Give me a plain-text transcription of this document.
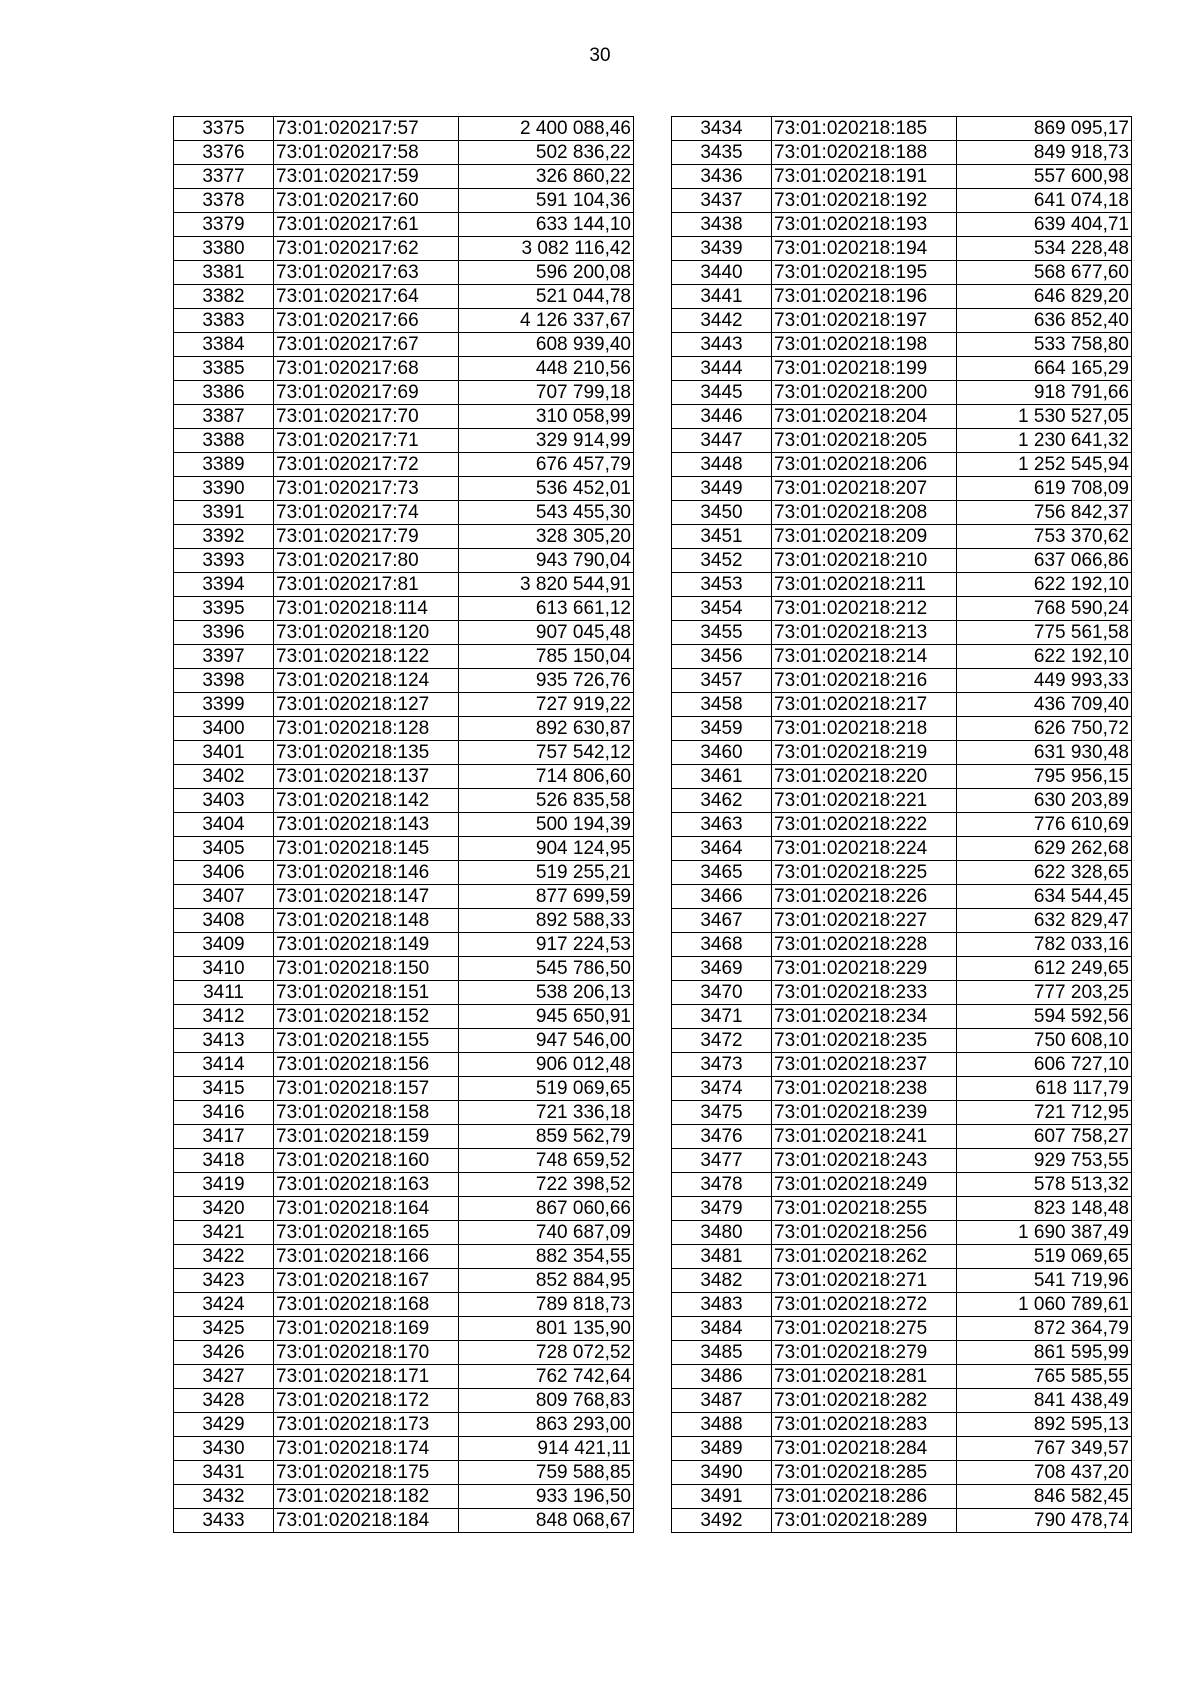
30
3375	73:01:020217:57	2 400 088,46
3376	73:01:020217:58	502 836,22
3377	73:01:020217:59	326 860,22
3378	73:01:020217:60	591 104,36
3379	73:01:020217:61	633 144,10
3380	73:01:020217:62	3 082 116,42
3381	73:01:020217:63	596 200,08
3382	73:01:020217:64	521 044,78
3383	73:01:020217:66	4 126 337,67
3384	73:01:020217:67	608 939,40
3385	73:01:020217:68	448 210,56
3386	73:01:020217:69	707 799,18
3387	73:01:020217:70	310 058,99
3388	73:01:020217:71	329 914,99
3389	73:01:020217:72	676 457,79
3390	73:01:020217:73	536 452,01
3391	73:01:020217:74	543 455,30
3392	73:01:020217:79	328 305,20
3393	73:01:020217:80	943 790,04
3394	73:01:020217:81	3 820 544,91
3395	73:01:020218:114	613 661,12
3396	73:01:020218:120	907 045,48
3397	73:01:020218:122	785 150,04
3398	73:01:020218:124	935 726,76
3399	73:01:020218:127	727 919,22
3400	73:01:020218:128	892 630,87
3401	73:01:020218:135	757 542,12
3402	73:01:020218:137	714 806,60
3403	73:01:020218:142	526 835,58
3404	73:01:020218:143	500 194,39
3405	73:01:020218:145	904 124,95
3406	73:01:020218:146	519 255,21
3407	73:01:020218:147	877 699,59
3408	73:01:020218:148	892 588,33
3409	73:01:020218:149	917 224,53
3410	73:01:020218:150	545 786,50
3411	73:01:020218:151	538 206,13
3412	73:01:020218:152	945 650,91
3413	73:01:020218:155	947 546,00
3414	73:01:020218:156	906 012,48
3415	73:01:020218:157	519 069,65
3416	73:01:020218:158	721 336,18
3417	73:01:020218:159	859 562,79
3418	73:01:020218:160	748 659,52
3419	73:01:020218:163	722 398,52
3420	73:01:020218:164	867 060,66
3421	73:01:020218:165	740 687,09
3422	73:01:020218:166	882 354,55
3423	73:01:020218:167	852 884,95
3424	73:01:020218:168	789 818,73
3425	73:01:020218:169	801 135,90
3426	73:01:020218:170	728 072,52
3427	73:01:020218:171	762 742,64
3428	73:01:020218:172	809 768,83
3429	73:01:020218:173	863 293,00
3430	73:01:020218:174	914 421,11
3431	73:01:020218:175	759 588,85
3432	73:01:020218:182	933 196,50
3433	73:01:020218:184	848 068,67
3434	73:01:020218:185	869 095,17
3435	73:01:020218:188	849 918,73
3436	73:01:020218:191	557 600,98
3437	73:01:020218:192	641 074,18
3438	73:01:020218:193	639 404,71
3439	73:01:020218:194	534 228,48
3440	73:01:020218:195	568 677,60
3441	73:01:020218:196	646 829,20
3442	73:01:020218:197	636 852,40
3443	73:01:020218:198	533 758,80
3444	73:01:020218:199	664 165,29
3445	73:01:020218:200	918 791,66
3446	73:01:020218:204	1 530 527,05
3447	73:01:020218:205	1 230 641,32
3448	73:01:020218:206	1 252 545,94
3449	73:01:020218:207	619 708,09
3450	73:01:020218:208	756 842,37
3451	73:01:020218:209	753 370,62
3452	73:01:020218:210	637 066,86
3453	73:01:020218:211	622 192,10
3454	73:01:020218:212	768 590,24
3455	73:01:020218:213	775 561,58
3456	73:01:020218:214	622 192,10
3457	73:01:020218:216	449 993,33
3458	73:01:020218:217	436 709,40
3459	73:01:020218:218	626 750,72
3460	73:01:020218:219	631 930,48
3461	73:01:020218:220	795 956,15
3462	73:01:020218:221	630 203,89
3463	73:01:020218:222	776 610,69
3464	73:01:020218:224	629 262,68
3465	73:01:020218:225	622 328,65
3466	73:01:020218:226	634 544,45
3467	73:01:020218:227	632 829,47
3468	73:01:020218:228	782 033,16
3469	73:01:020218:229	612 249,65
3470	73:01:020218:233	777 203,25
3471	73:01:020218:234	594 592,56
3472	73:01:020218:235	750 608,10
3473	73:01:020218:237	606 727,10
3474	73:01:020218:238	618 117,79
3475	73:01:020218:239	721 712,95
3476	73:01:020218:241	607 758,27
3477	73:01:020218:243	929 753,55
3478	73:01:020218:249	578 513,32
3479	73:01:020218:255	823 148,48
3480	73:01:020218:256	1 690 387,49
3481	73:01:020218:262	519 069,65
3482	73:01:020218:271	541 719,96
3483	73:01:020218:272	1 060 789,61
3484	73:01:020218:275	872 364,79
3485	73:01:020218:279	861 595,99
3486	73:01:020218:281	765 585,55
3487	73:01:020218:282	841 438,49
3488	73:01:020218:283	892 595,13
3489	73:01:020218:284	767 349,57
3490	73:01:020218:285	708 437,20
3491	73:01:020218:286	846 582,45
3492	73:01:020218:289	790 478,74
